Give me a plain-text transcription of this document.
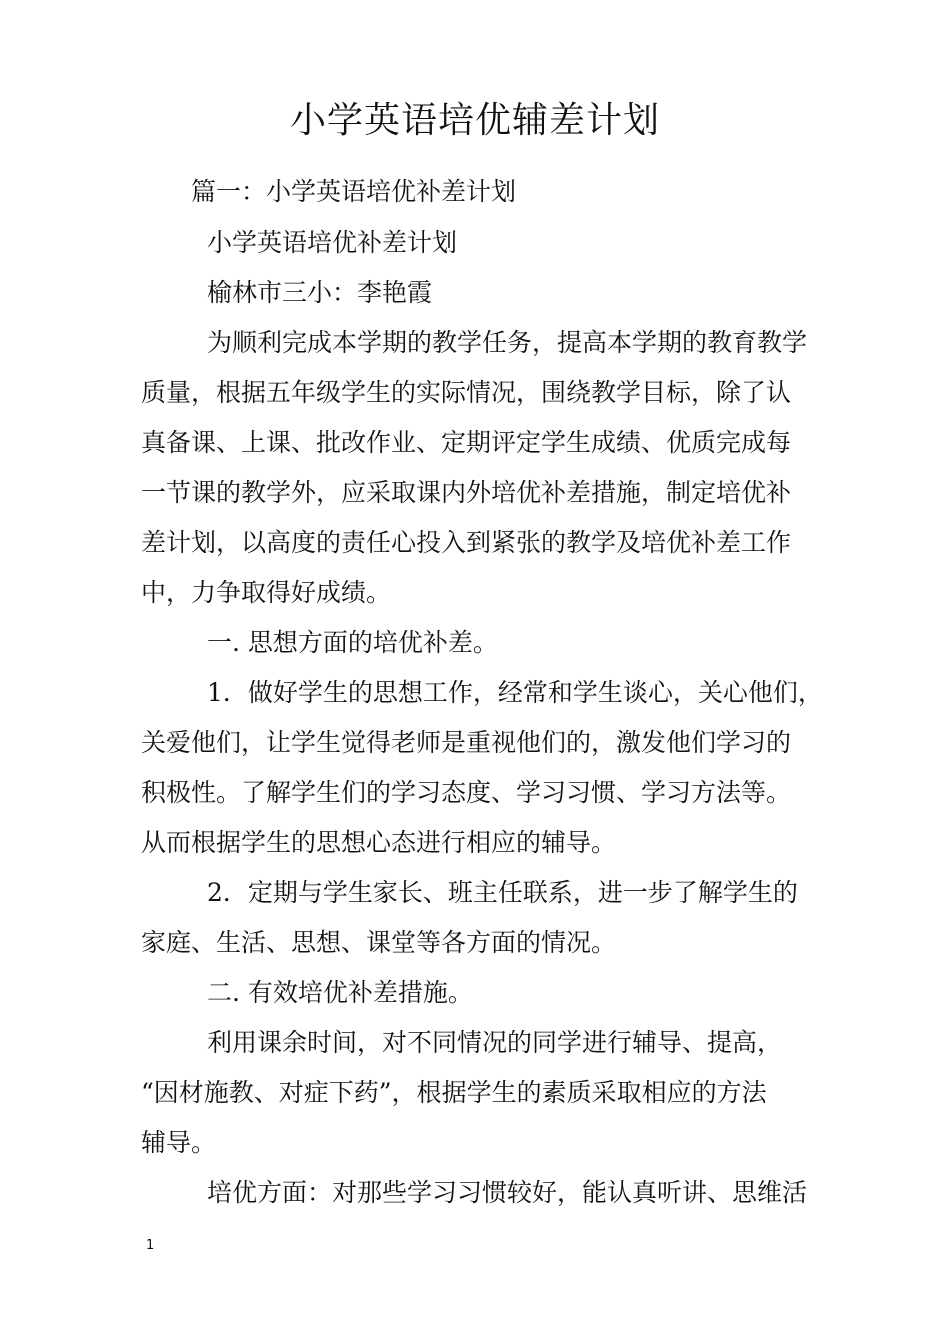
小学英语培优辅差计划
篇一：小学英语培优补差计划
小学英语培优补差计划
榆林市三小：李艳霞
为顺利完成本学期的教学任务，提高本学期的教育教学
质量，根据五年级学生的实际情况，围绕教学目标，除了认
真备课、上课、批改作业、定期评定学生成绩、优质完成每
一节课的教学外，应采取课内外培优补差措施，制定培优补
差计划，以高度的责任心投入到紧张的教学及培优补差工作
中，力争取得好成绩。
一. 思想方面的培优补差。
1．做好学生的思想工作，经常和学生谈心，关心他们，
关爱他们，让学生觉得老师是重视他们的，激发他们学习的
积极性。了解学生们的学习态度、学习习惯、学习方法等。
从而根据学生的思想心态进行相应的辅导。
2．定期与学生家长、班主任联系，进一步了解学生的
家庭、生活、思想、课堂等各方面的情况。
二. 有效培优补差措施。
利用课余时间，对不同情况的同学进行辅导、提高，
“因材施教、对症下药”，根据学生的素质采取相应的方法
辅导。
培优方面：对那些学习习惯较好，能认真听讲、思维活
1
